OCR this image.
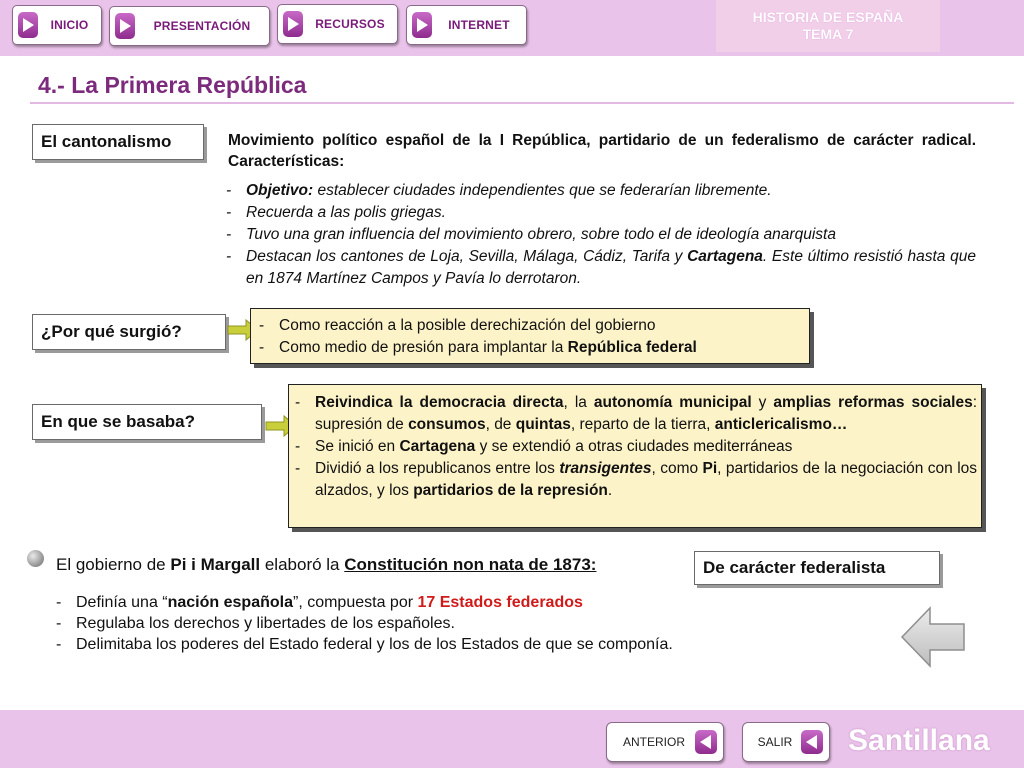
INICIO	PRESENTACIÓN	RECURSOS	INTERNET	HISTORIA DE ESPAÑA
TEMA 7
4.- La Primera República
El cantonalismo	Movimiento político español de la I República, partidario de un federalismo de carácter radical. Características:
- Objetivo: establecer ciudades independientes que se federarían libremente.
- Recuerda a las polis griegas.
- Tuvo una gran influencia del movimiento obrero, sobre todo el de ideología anarquista
- Destacan los cantones de Loja, Sevilla, Málaga, Cádiz, Tarifa y Cartagena. Este último resistió hasta que en 1874 Martínez Campos y Pavía lo derrotaron.
¿Por qué surgió?
-	Como reacción a la posible derechización del gobierno
- Como medio de presión para implantar la República federal
En que se basaba?
- Reivindica la democracia directa, la autonomía municipal y amplias reformas sociales: supresión de consumos, de quintas, reparto de la tierra, anticlericalismo…
- Se inició en Cartagena y se extendió a otras ciudades mediterráneas
- Dividió a los republicanos entre los transigentes, como Pi, partidarios de la negociación con los alzados, y los partidarios de la represión.
El gobierno de Pi i Margall elaboró la Constitución non nata de 1873:	De carácter federalista
- Definía una “nación española”, compuesta por 17 Estados federados
- Regulaba los derechos y libertades de los españoles.
- Delimitaba los poderes del Estado federal y los de los Estados de que se componía.
ANTERIOR	SALIR Santillana
